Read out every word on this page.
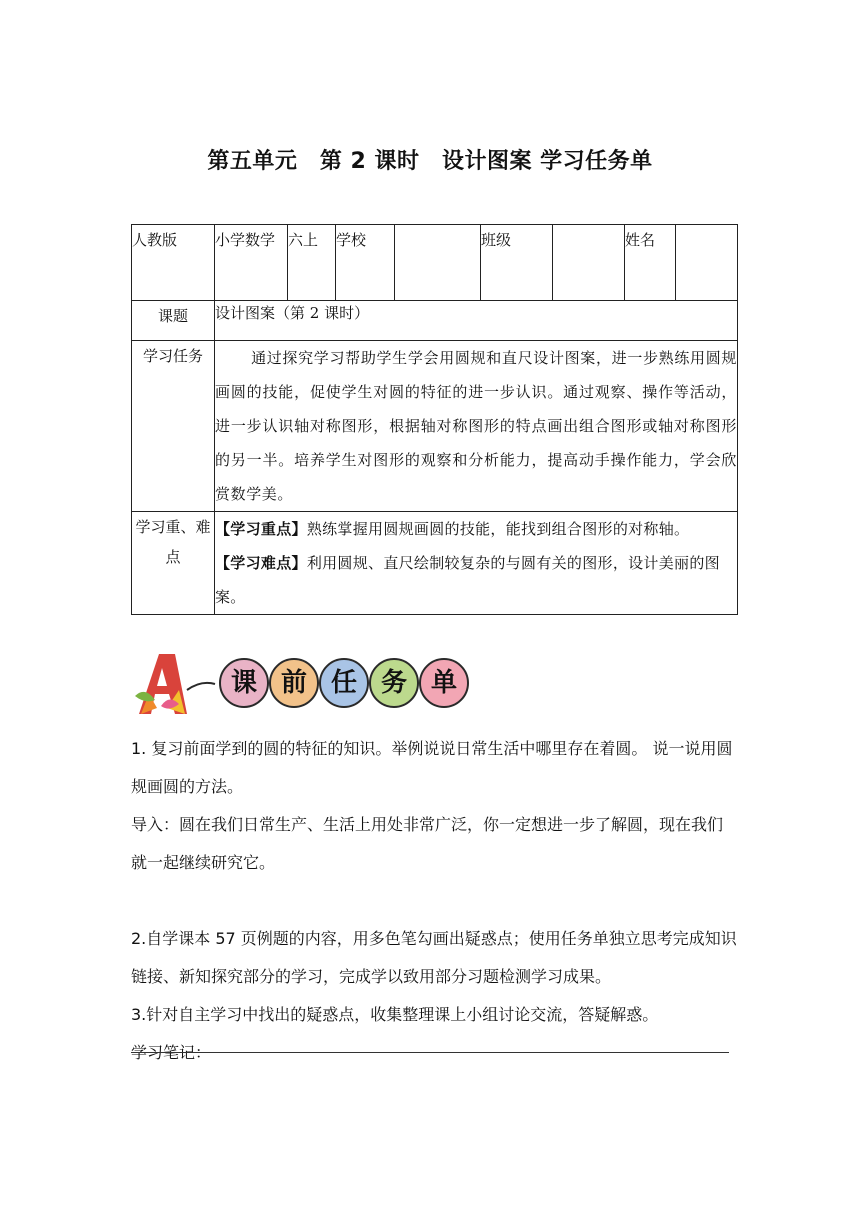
第五单元　第 2 课时　设计图案 学习任务单
人教版	小学数学	六上	学校		班级		姓名	
课题	设计图案（第 2 课时）							
学习任务	通过探究学习帮助学生学会用圆规和直尺设计图案，进一步熟练用圆规画圆的技能，促使学生对圆的特征的进一步认识。通过观察、操作等活动，进一步认识轴对称图形，根据轴对称图形的特点画出组合图形或轴对称图形的另一半。培养学生对图形的观察和分析能力，提高动手操作能力，学会欣赏数学美。							
学习重、难点	【学习重点】熟练掌握用圆规画圆的技能，能找到组合图形的对称轴。
【学习难点】利用圆规、直尺绘制较复杂的与圆有关的图形，设计美丽的图案。							
课 前 任 务 单

1. 复习前面学到的圆的特征的知识。举例说说日常生活中哪里存在着圆。 说一说用圆规画圆的方法。

导入：圆在我们日常生产、生活上用处非常广泛，你一定想进一步了解圆，现在我们就一起继续研究它。

2.自学课本 57 页例题的内容，用多色笔勾画出疑惑点；使用任务单独立思考完成知识链接、新知探究部分的学习，完成学以致用部分习题检测学习成果。

3.针对自主学习中找出的疑惑点，收集整理课上小组讨论交流，答疑解惑。

学习笔记：
